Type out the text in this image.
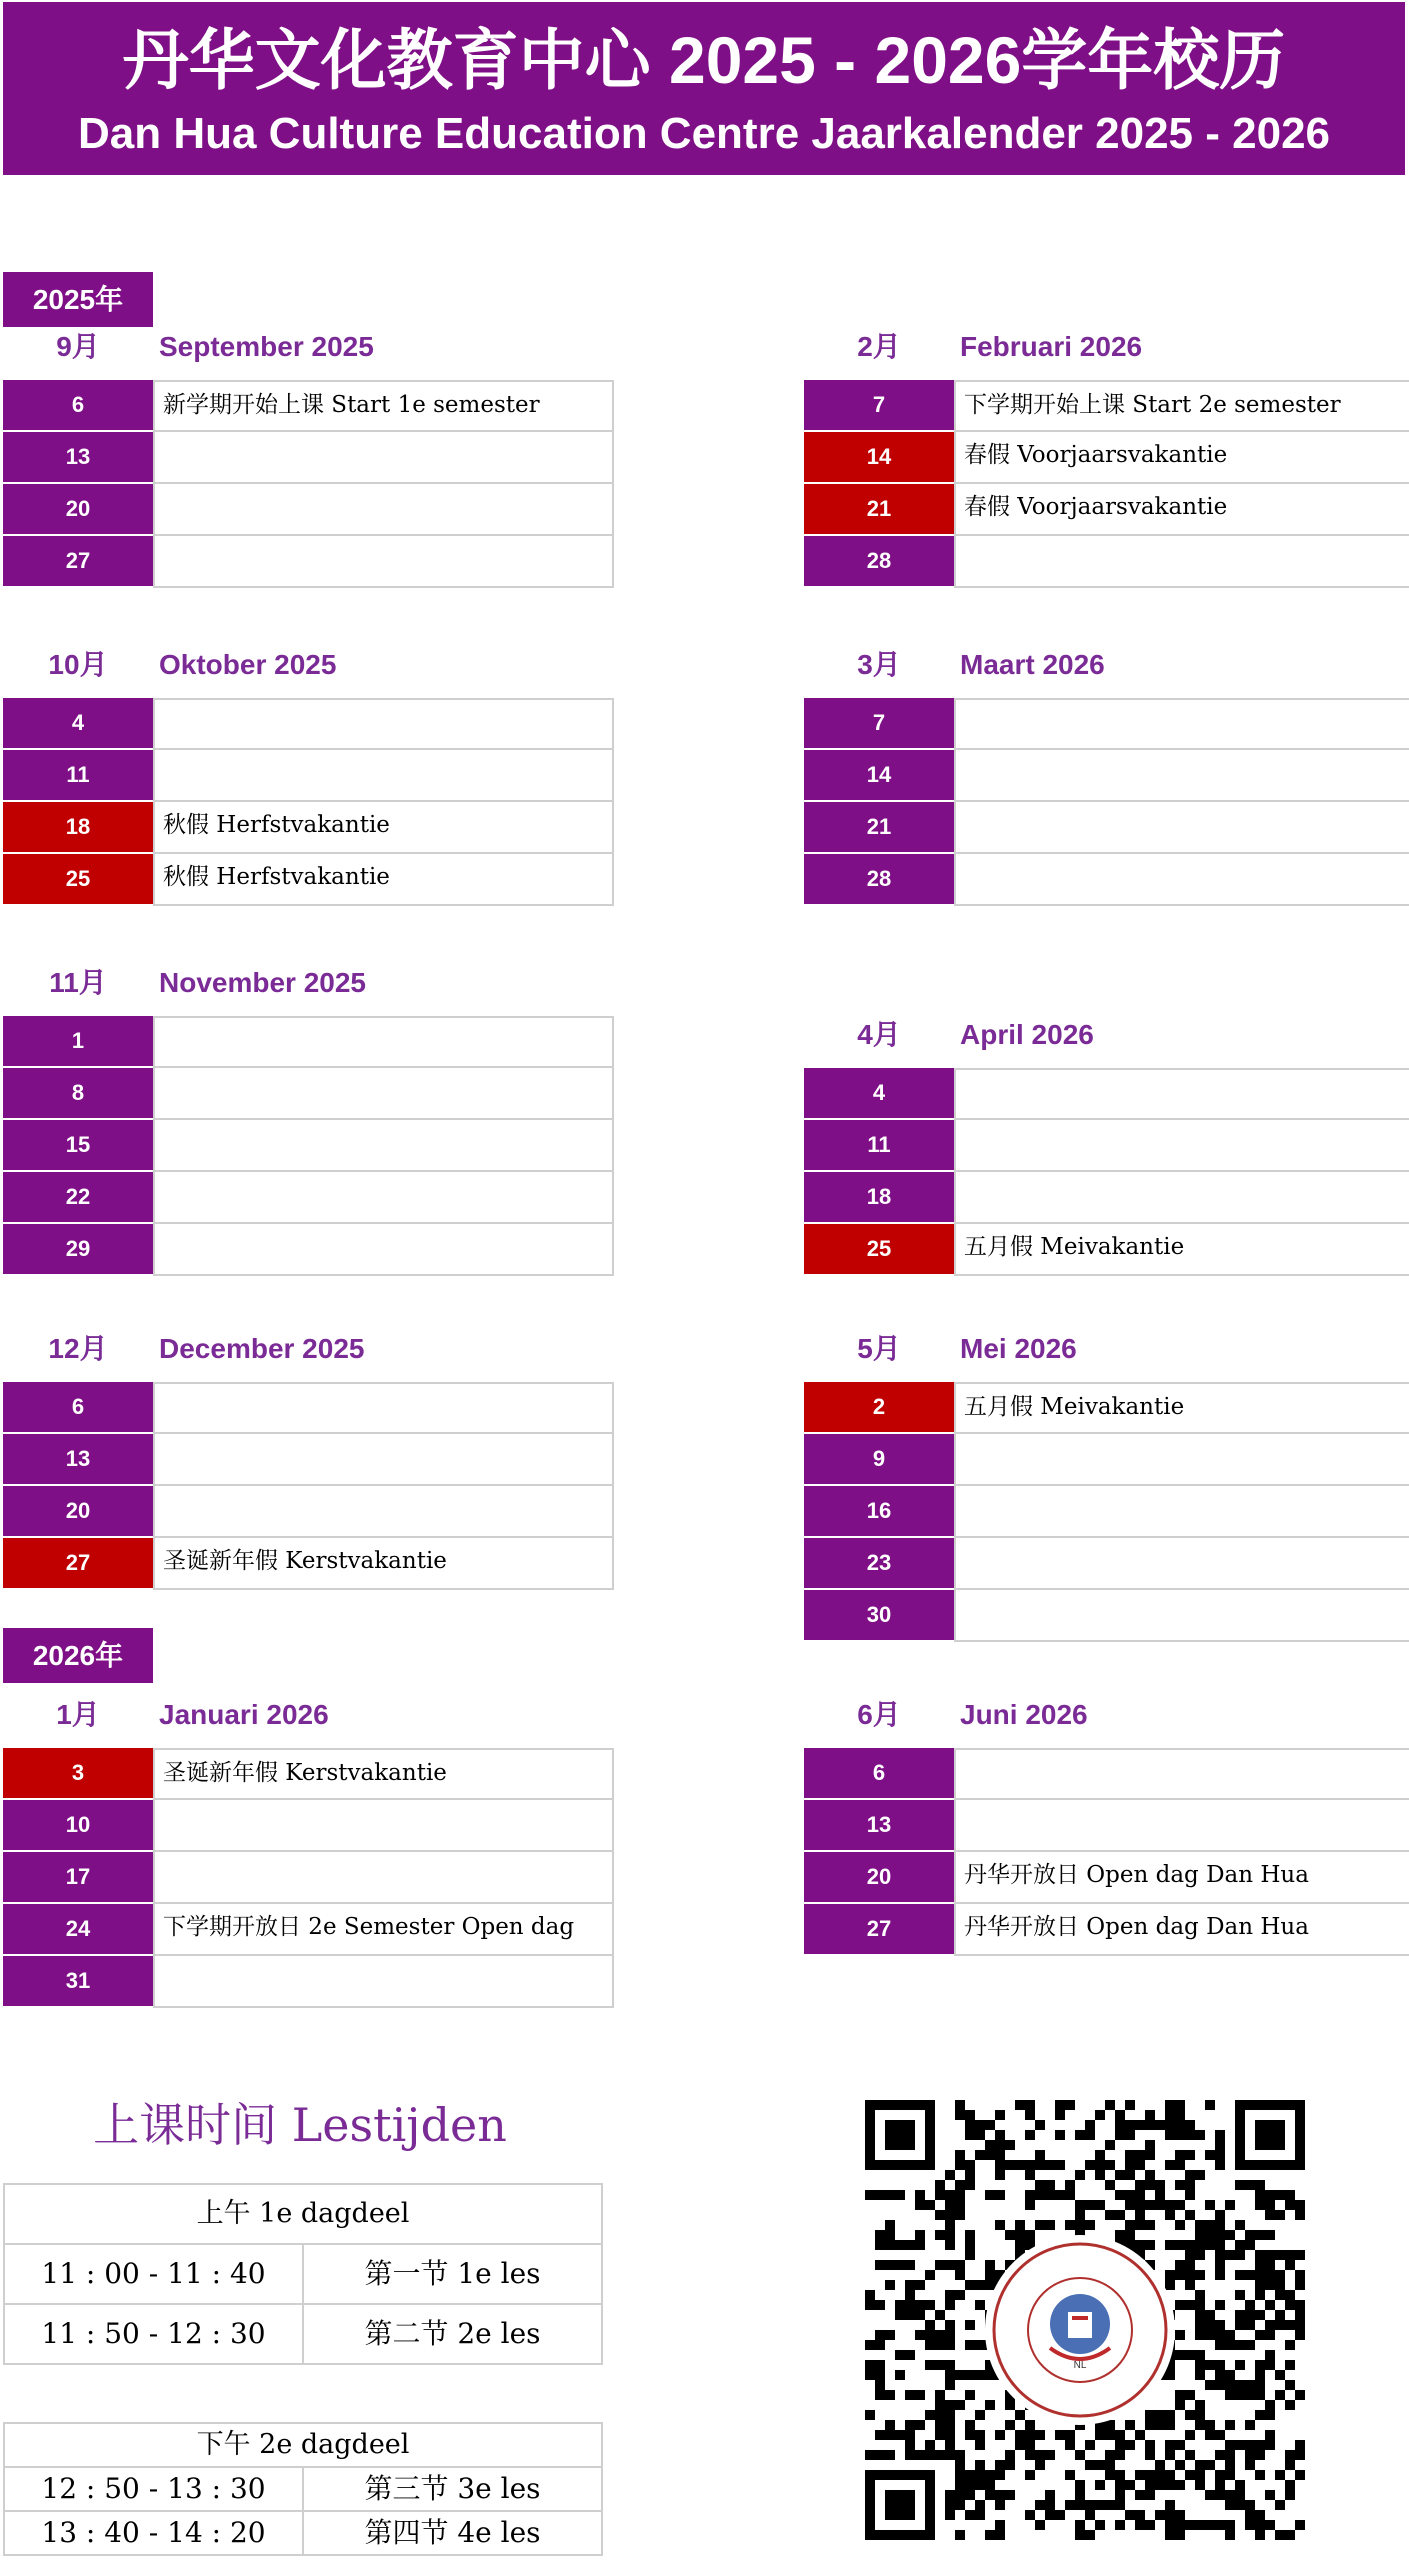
丹华文化教育中心 2025 - 2026学年校历
Dan Hua Culture Education Centre Jaarkalender 2025 - 2026
2025年
2026年
9月	September 2025
6	新学期开始上课 Start 1e semester
13
20
27
10月	Oktober 2025
4
11
18	秋假 Herfstvakantie
25	秋假 Herfstvakantie
11月	November 2025
1
8
15
22
29
12月	December 2025
6
13
20
27	圣诞新年假 Kerstvakantie
1月	Januari 2026
3	圣诞新年假 Kerstvakantie
10
17
24	下学期开放日 2e Semester Open dag
31
2月	Februari 2026
7	下学期开始上课 Start 2e semester
14	春假 Voorjaarsvakantie
21	春假 Voorjaarsvakantie
28
3月	Maart 2026
7
14
21
28
4月	April 2026
4
11
18
25	五月假 Meivakantie
5月	Mei 2026
2	五月假 Meivakantie
9
16
23
30
6月	Juni 2026
6
13
20	丹华开放日 Open dag Dan Hua
27	丹华开放日 Open dag Dan Hua
上课时间 Lestijden
上午 1e dagdeel
11 : 00 - 11 : 40	第一节 1e les
11 : 50 - 12 : 30	第二节 2e les
下午 2e dagdeel
12 : 50 - 13 : 30	第三节 3e les
13 : 40 - 14 : 20	第四节 4e les
NL
